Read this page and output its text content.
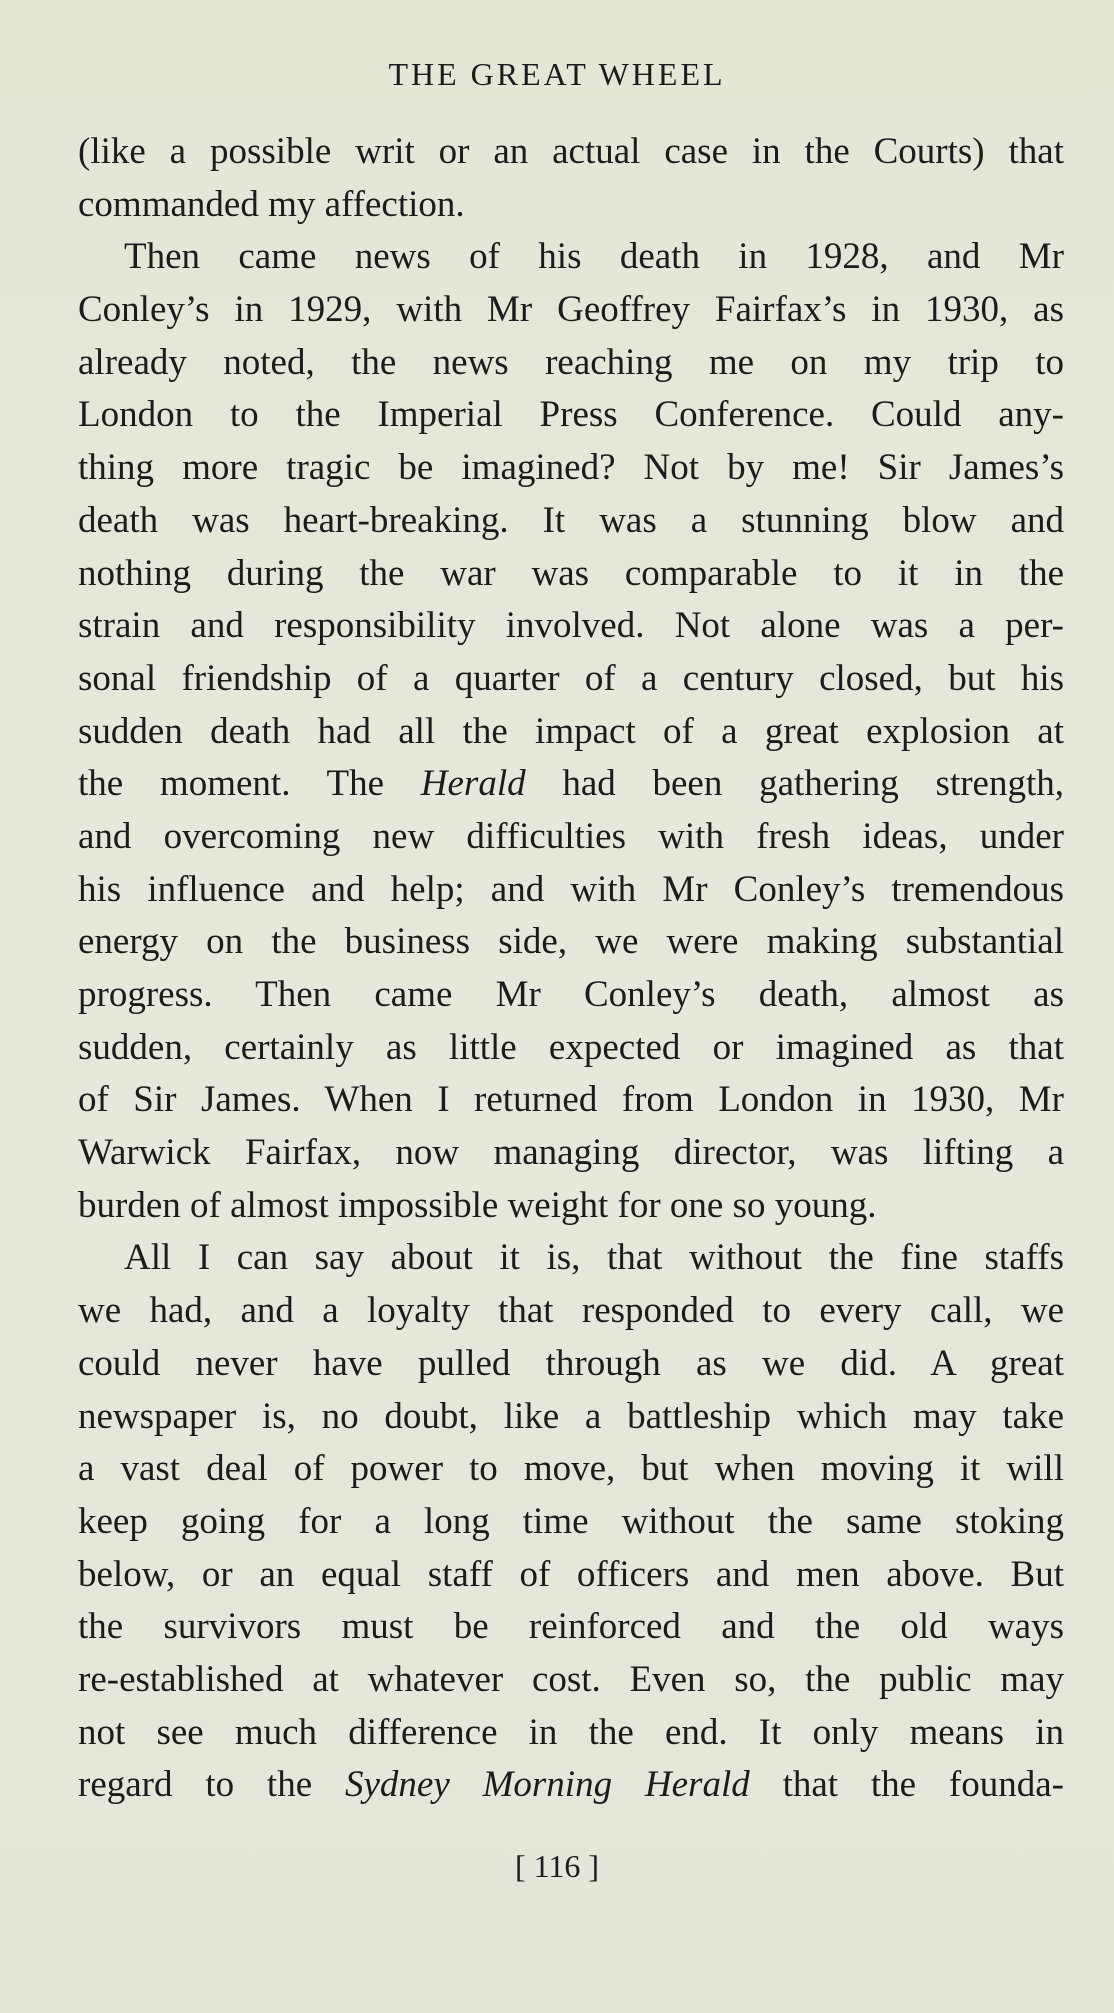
THE GREAT WHEEL
(like a possible writ or an actual case in the Courts) that
commanded my affection.
Then came news of his death in 1928, and Mr
Conley’s in 1929, with Mr Geoffrey Fairfax’s in 1930, as
already noted, the news reaching me on my trip to
London to the Imperial Press Conference. Could any-
thing more tragic be imagined? Not by me! Sir James’s
death was heart-breaking. It was a stunning blow and
nothing during the war was comparable to it in the
strain and responsibility involved. Not alone was a per-
sonal friendship of a quarter of a century closed, but his
sudden death had all the impact of a great explosion at
the moment. The Herald had been gathering strength,
and overcoming new difficulties with fresh ideas, under
his influence and help; and with Mr Conley’s tremendous
energy on the business side, we were making substantial
progress. Then came Mr Conley’s death, almost as
sudden, certainly as little expected or imagined as that
of Sir James. When I returned from London in 1930, Mr
Warwick Fairfax, now managing director, was lifting a
burden of almost impossible weight for one so young.
All I can say about it is, that without the fine staffs
we had, and a loyalty that responded to every call, we
could never have pulled through as we did. A great
newspaper is, no doubt, like a battleship which may take
a vast deal of power to move, but when moving it will
keep going for a long time without the same stoking
below, or an equal staff of officers and men above. But
the survivors must be reinforced and the old ways
re-established at whatever cost. Even so, the public may
not see much difference in the end. It only means in
regard to the Sydney Morning Herald that the founda-
[ 116 ]
